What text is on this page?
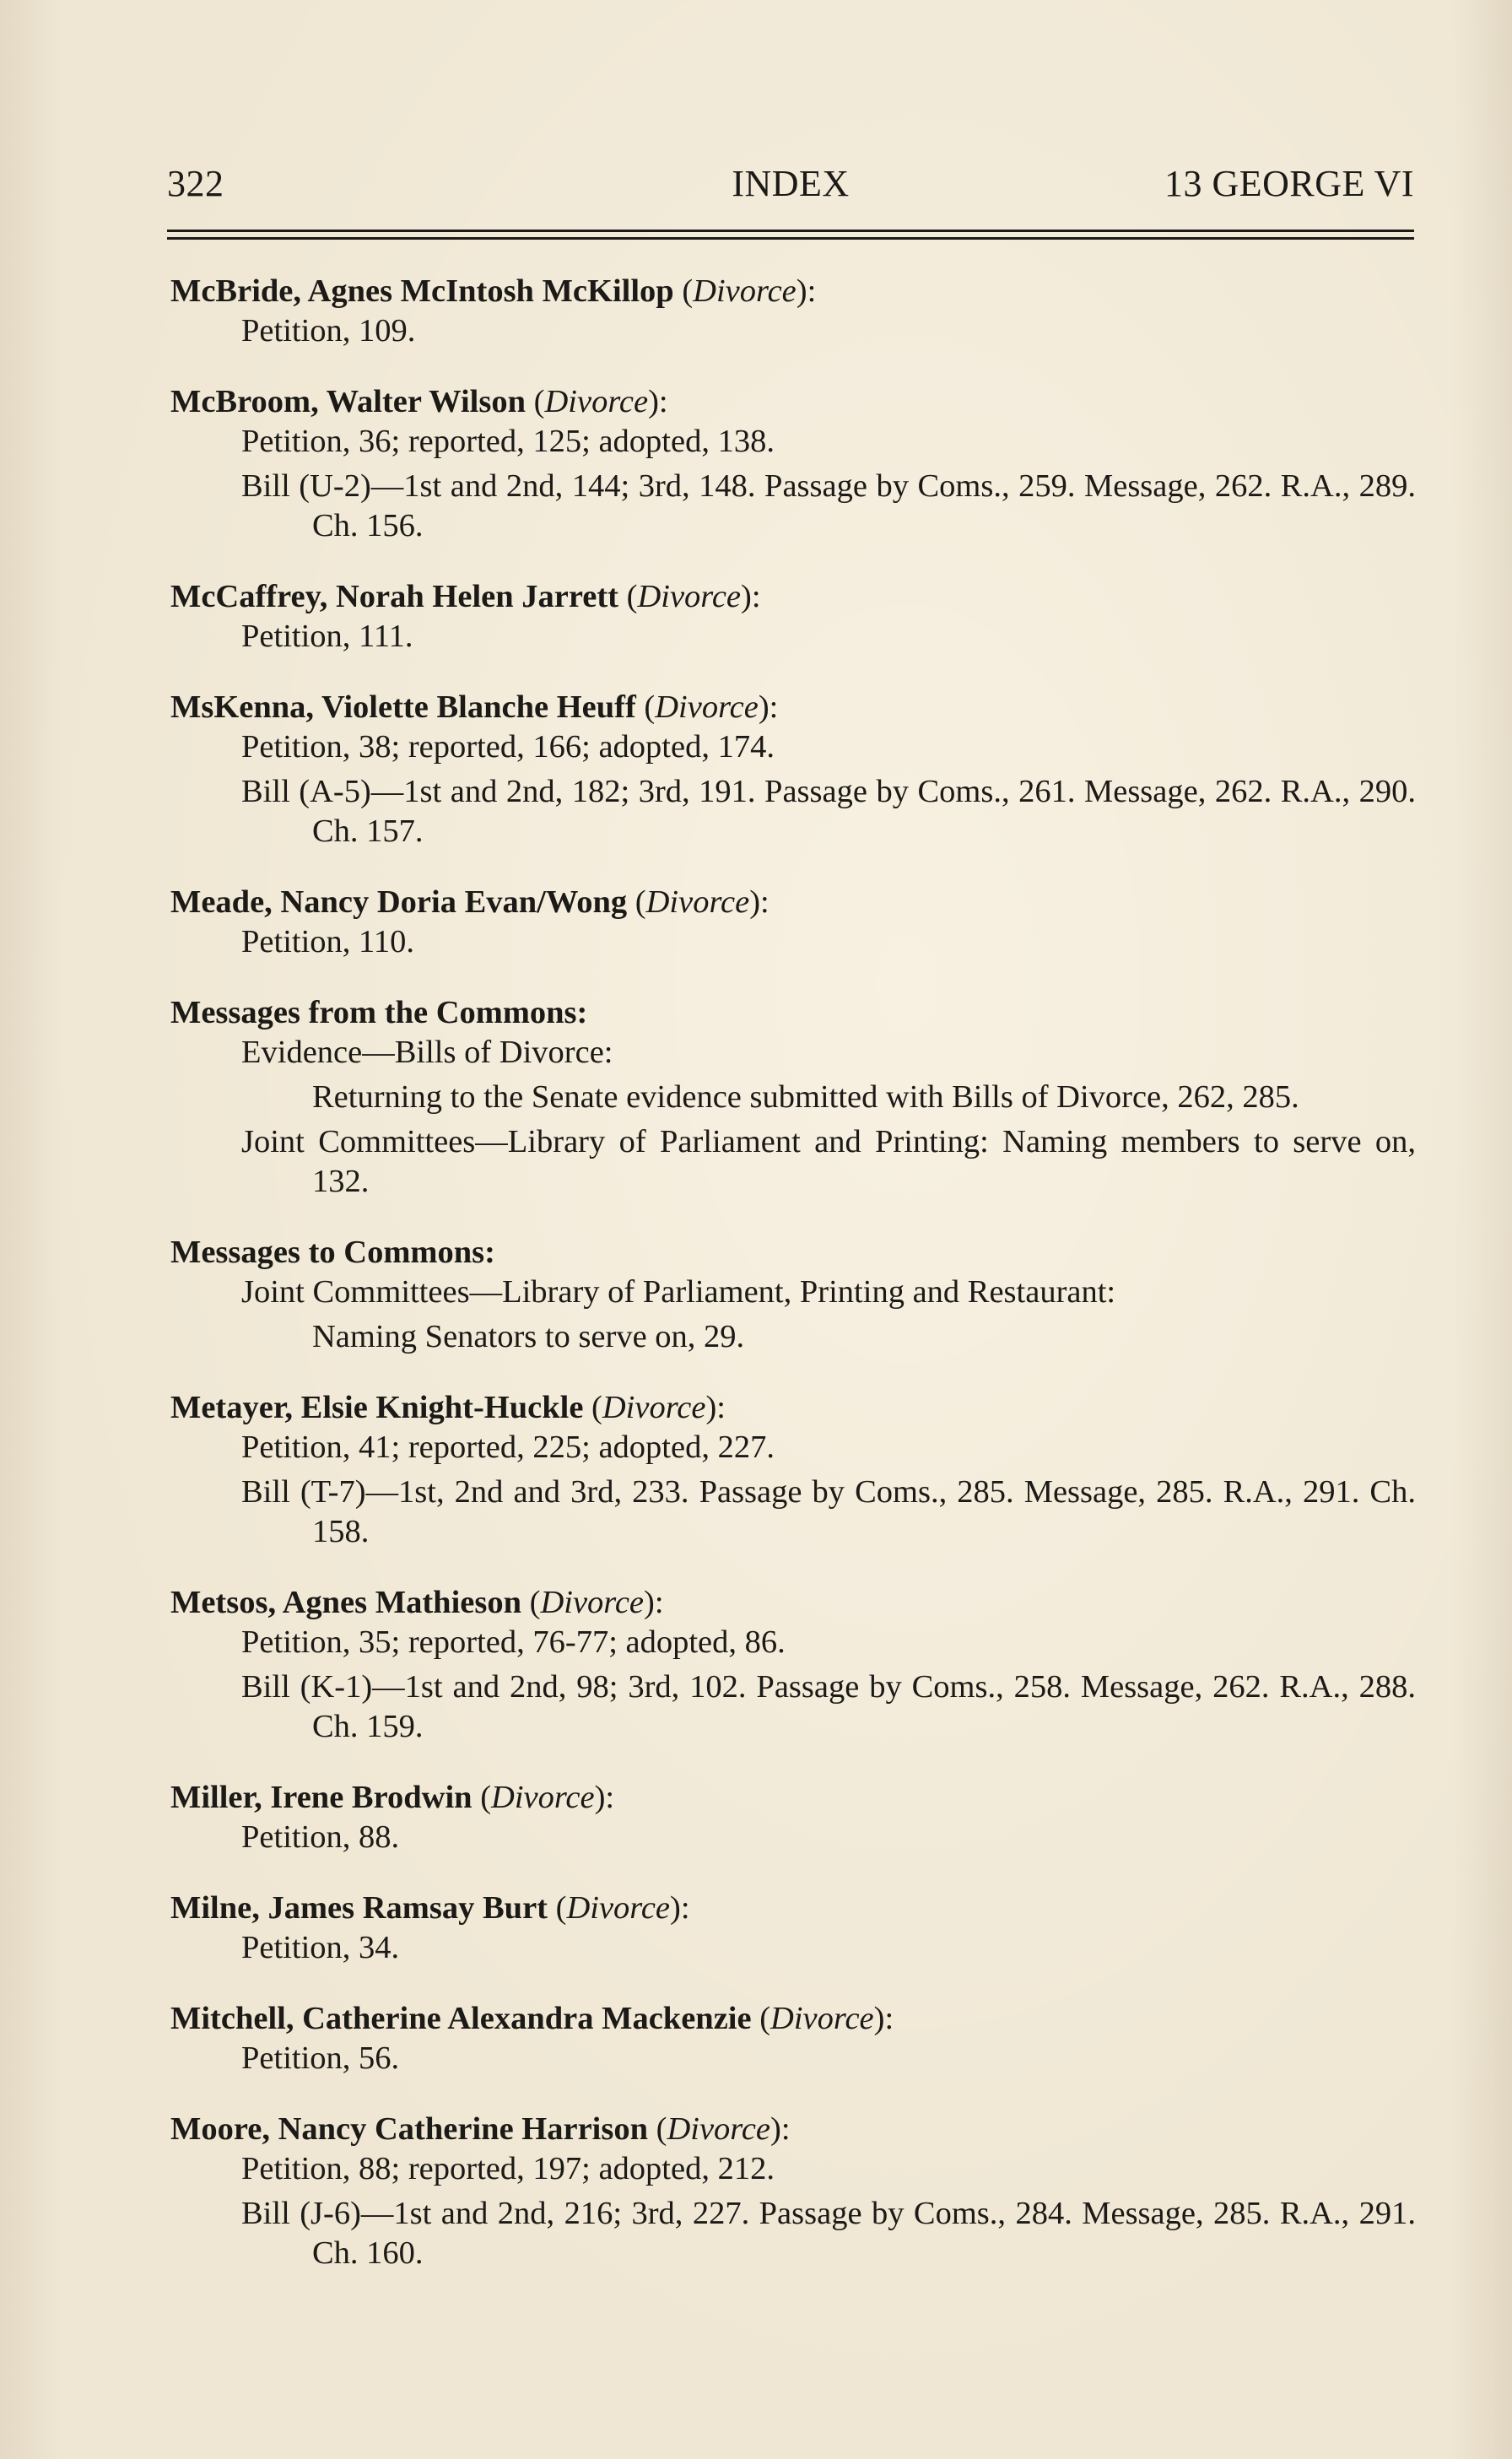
322	INDEX	13 GEORGE VI
McBride, Agnes McIntosh McKillop (Divorce):
Petition, 109.
McBroom, Walter Wilson (Divorce):
Petition, 36; reported, 125; adopted, 138.
Bill (U-2)—1st and 2nd, 144; 3rd, 148. Passage by Coms., 259. Message, 262. R.A., 289. Ch. 156.
McCaffrey, Norah Helen Jarrett (Divorce):
Petition, 111.
MsKenna, Violette Blanche Heuff (Divorce):
Petition, 38; reported, 166; adopted, 174.
Bill (A-5)—1st and 2nd, 182; 3rd, 191. Passage by Coms., 261. Message, 262. R.A., 290. Ch. 157.
Meade, Nancy Doria Evan/Wong (Divorce):
Petition, 110.
Messages from the Commons:
Evidence—Bills of Divorce:
Returning to the Senate evidence submitted with Bills of Divorce, 262, 285.
Joint Committees—Library of Parliament and Printing: Naming members to serve on, 132.
Messages to Commons:
Joint Committees—Library of Parliament, Printing and Restaurant:
Naming Senators to serve on, 29.
Metayer, Elsie Knight-Huckle (Divorce):
Petition, 41; reported, 225; adopted, 227.
Bill (T-7)—1st, 2nd and 3rd, 233. Passage by Coms., 285. Message, 285. R.A., 291. Ch. 158.
Metsos, Agnes Mathieson (Divorce):
Petition, 35; reported, 76-77; adopted, 86.
Bill (K-1)—1st and 2nd, 98; 3rd, 102. Passage by Coms., 258. Message, 262. R.A., 288. Ch. 159.
Miller, Irene Brodwin (Divorce):
Petition, 88.
Milne, James Ramsay Burt (Divorce):
Petition, 34.
Mitchell, Catherine Alexandra Mackenzie (Divorce):
Petition, 56.
Moore, Nancy Catherine Harrison (Divorce):
Petition, 88; reported, 197; adopted, 212.
Bill (J-6)—1st and 2nd, 216; 3rd, 227. Passage by Coms., 284. Message, 285. R.A., 291. Ch. 160.
